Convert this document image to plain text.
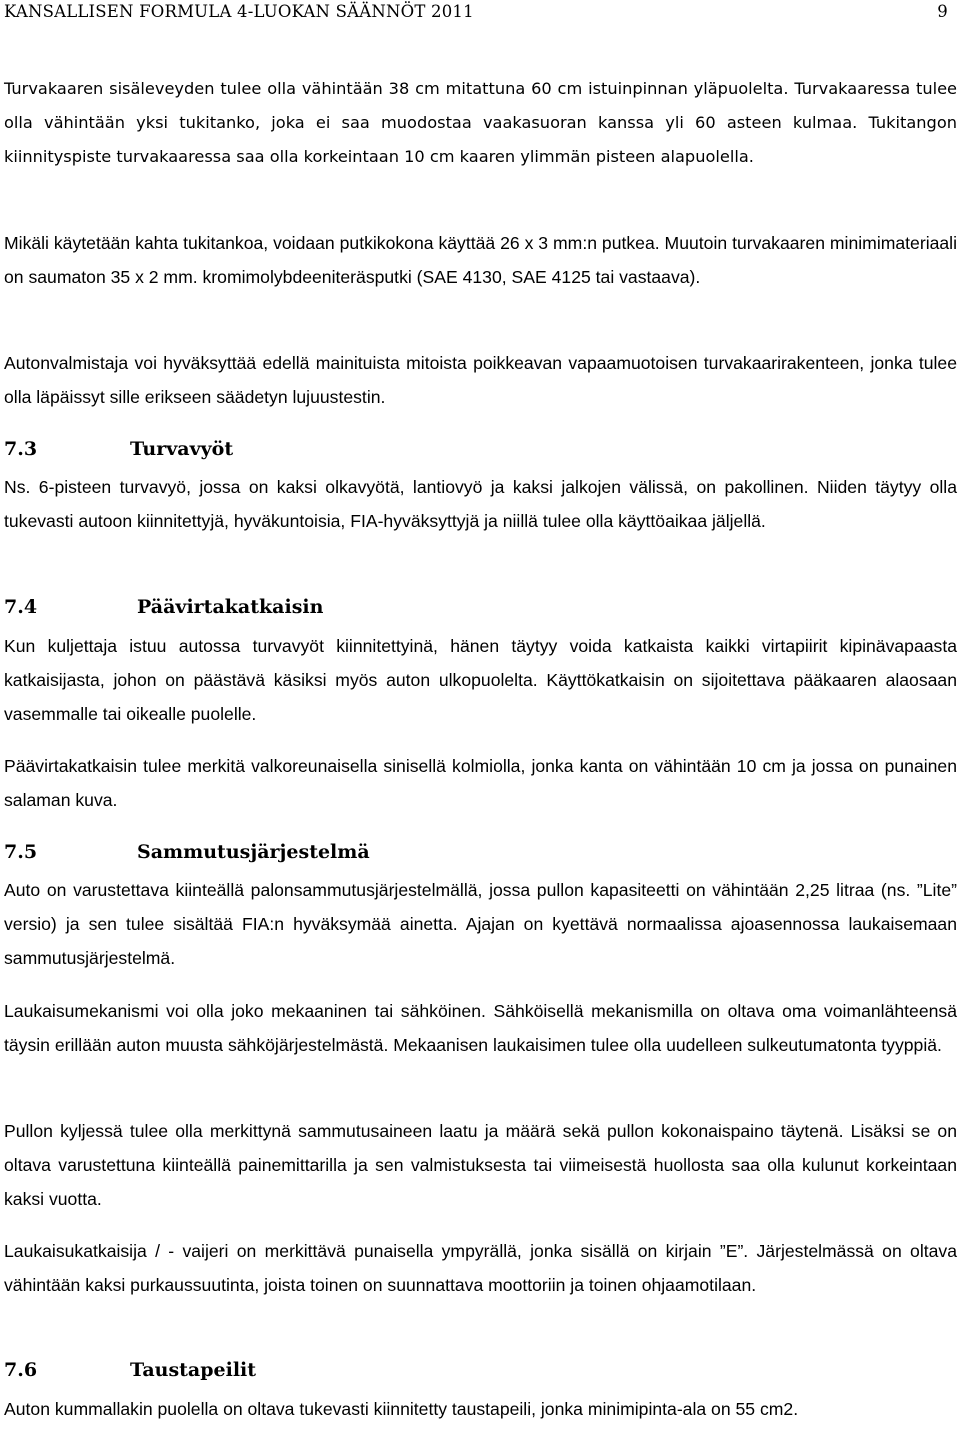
KANSALLISEN FORMULA 4-LUOKAN SÄÄNNÖT 2011	9

Turvakaaren sisäleveyden tulee olla vähintään 38 cm mitattuna 60 cm istuinpinnan yläpuolelta. Turvakaaressa tulee olla vähintään yksi tukitanko, joka ei saa muodostaa vaakasuoran kanssa yli 60 asteen kulmaa. Tukitangon kiinnityspiste turvakaaressa saa olla korkeintaan 10 cm kaaren ylimmän pisteen alapuolella.

Mikäli käytetään kahta tukitankoa, voidaan putkikokona käyttää 26 x 3 mm:n putkea. Muutoin turvakaaren minimimateriaali on saumaton 35 x 2 mm. kromimolybdeeniteräsputki (SAE 4130, SAE 4125 tai vastaava).

Autonvalmistaja voi hyväksyttää edellä mainituista mitoista poikkeavan vapaamuotoisen turvakaarirakenteen, jonka tulee olla läpäissyt sille erikseen säädetyn lujuustestin.

7.3	Turvavyöt

Ns. 6-pisteen turvavyö, jossa on kaksi olkavyötä, lantiovyö ja kaksi jalkojen välissä, on pakollinen. Niiden täytyy olla tukevasti autoon kiinnitettyjä, hyväkuntoisia, FIA-hyväksyttyjä ja niillä tulee olla käyttöaikaa jäljellä.

7.4	Päävirtakatkaisin

Kun kuljettaja istuu autossa turvavyöt kiinnitettyinä, hänen täytyy voida katkaista kaikki virtapiirit kipinävapaasta katkaisijasta, johon on päästävä käsiksi myös auton ulkopuolelta. Käyttökatkaisin on sijoitettava pääkaaren alaosaan vasemmalle tai oikealle puolelle.

Päävirtakatkaisin tulee merkitä valkoreunaisella sinisellä kolmiolla, jonka kanta on vähintään 10 cm ja jossa on punainen salaman kuva.

7.5	Sammutusjärjestelmä

Auto on varustettava kiinteällä palonsammutusjärjestelmällä, jossa pullon kapasiteetti on vähintään 2,25 litraa (ns. ”Lite” versio) ja sen tulee sisältää FIA:n hyväksymää ainetta. Ajajan on kyettävä normaalissa ajoasennossa laukaisemaan sammutusjärjestelmä.

Laukaisumekanismi voi olla joko mekaaninen tai sähköinen. Sähköisellä mekanismilla on oltava oma voimanlähteensä täysin erillään auton muusta sähköjärjestelmästä. Mekaanisen laukaisimen tulee olla uudelleen sulkeutumatonta tyyppiä.

Pullon kyljessä tulee olla merkittynä sammutusaineen laatu ja määrä sekä pullon kokonaispaino täytenä. Lisäksi se on oltava varustettuna kiinteällä painemittarilla ja sen valmistuksesta tai viimeisestä huollosta saa olla kulunut korkeintaan kaksi vuotta.

Laukaisukatkaisija / - vaijeri on merkittävä punaisella ympyrällä, jonka sisällä on kirjain ”E”. Järjestelmässä on oltava vähintään kaksi purkaussuutinta, joista toinen on suunnattava moottoriin ja toinen ohjaamotilaan.

7.6	Taustapeilit

Auton kummallakin puolella on oltava tukevasti kiinnitetty taustapeili, jonka minimipinta-ala on 55 cm2.
